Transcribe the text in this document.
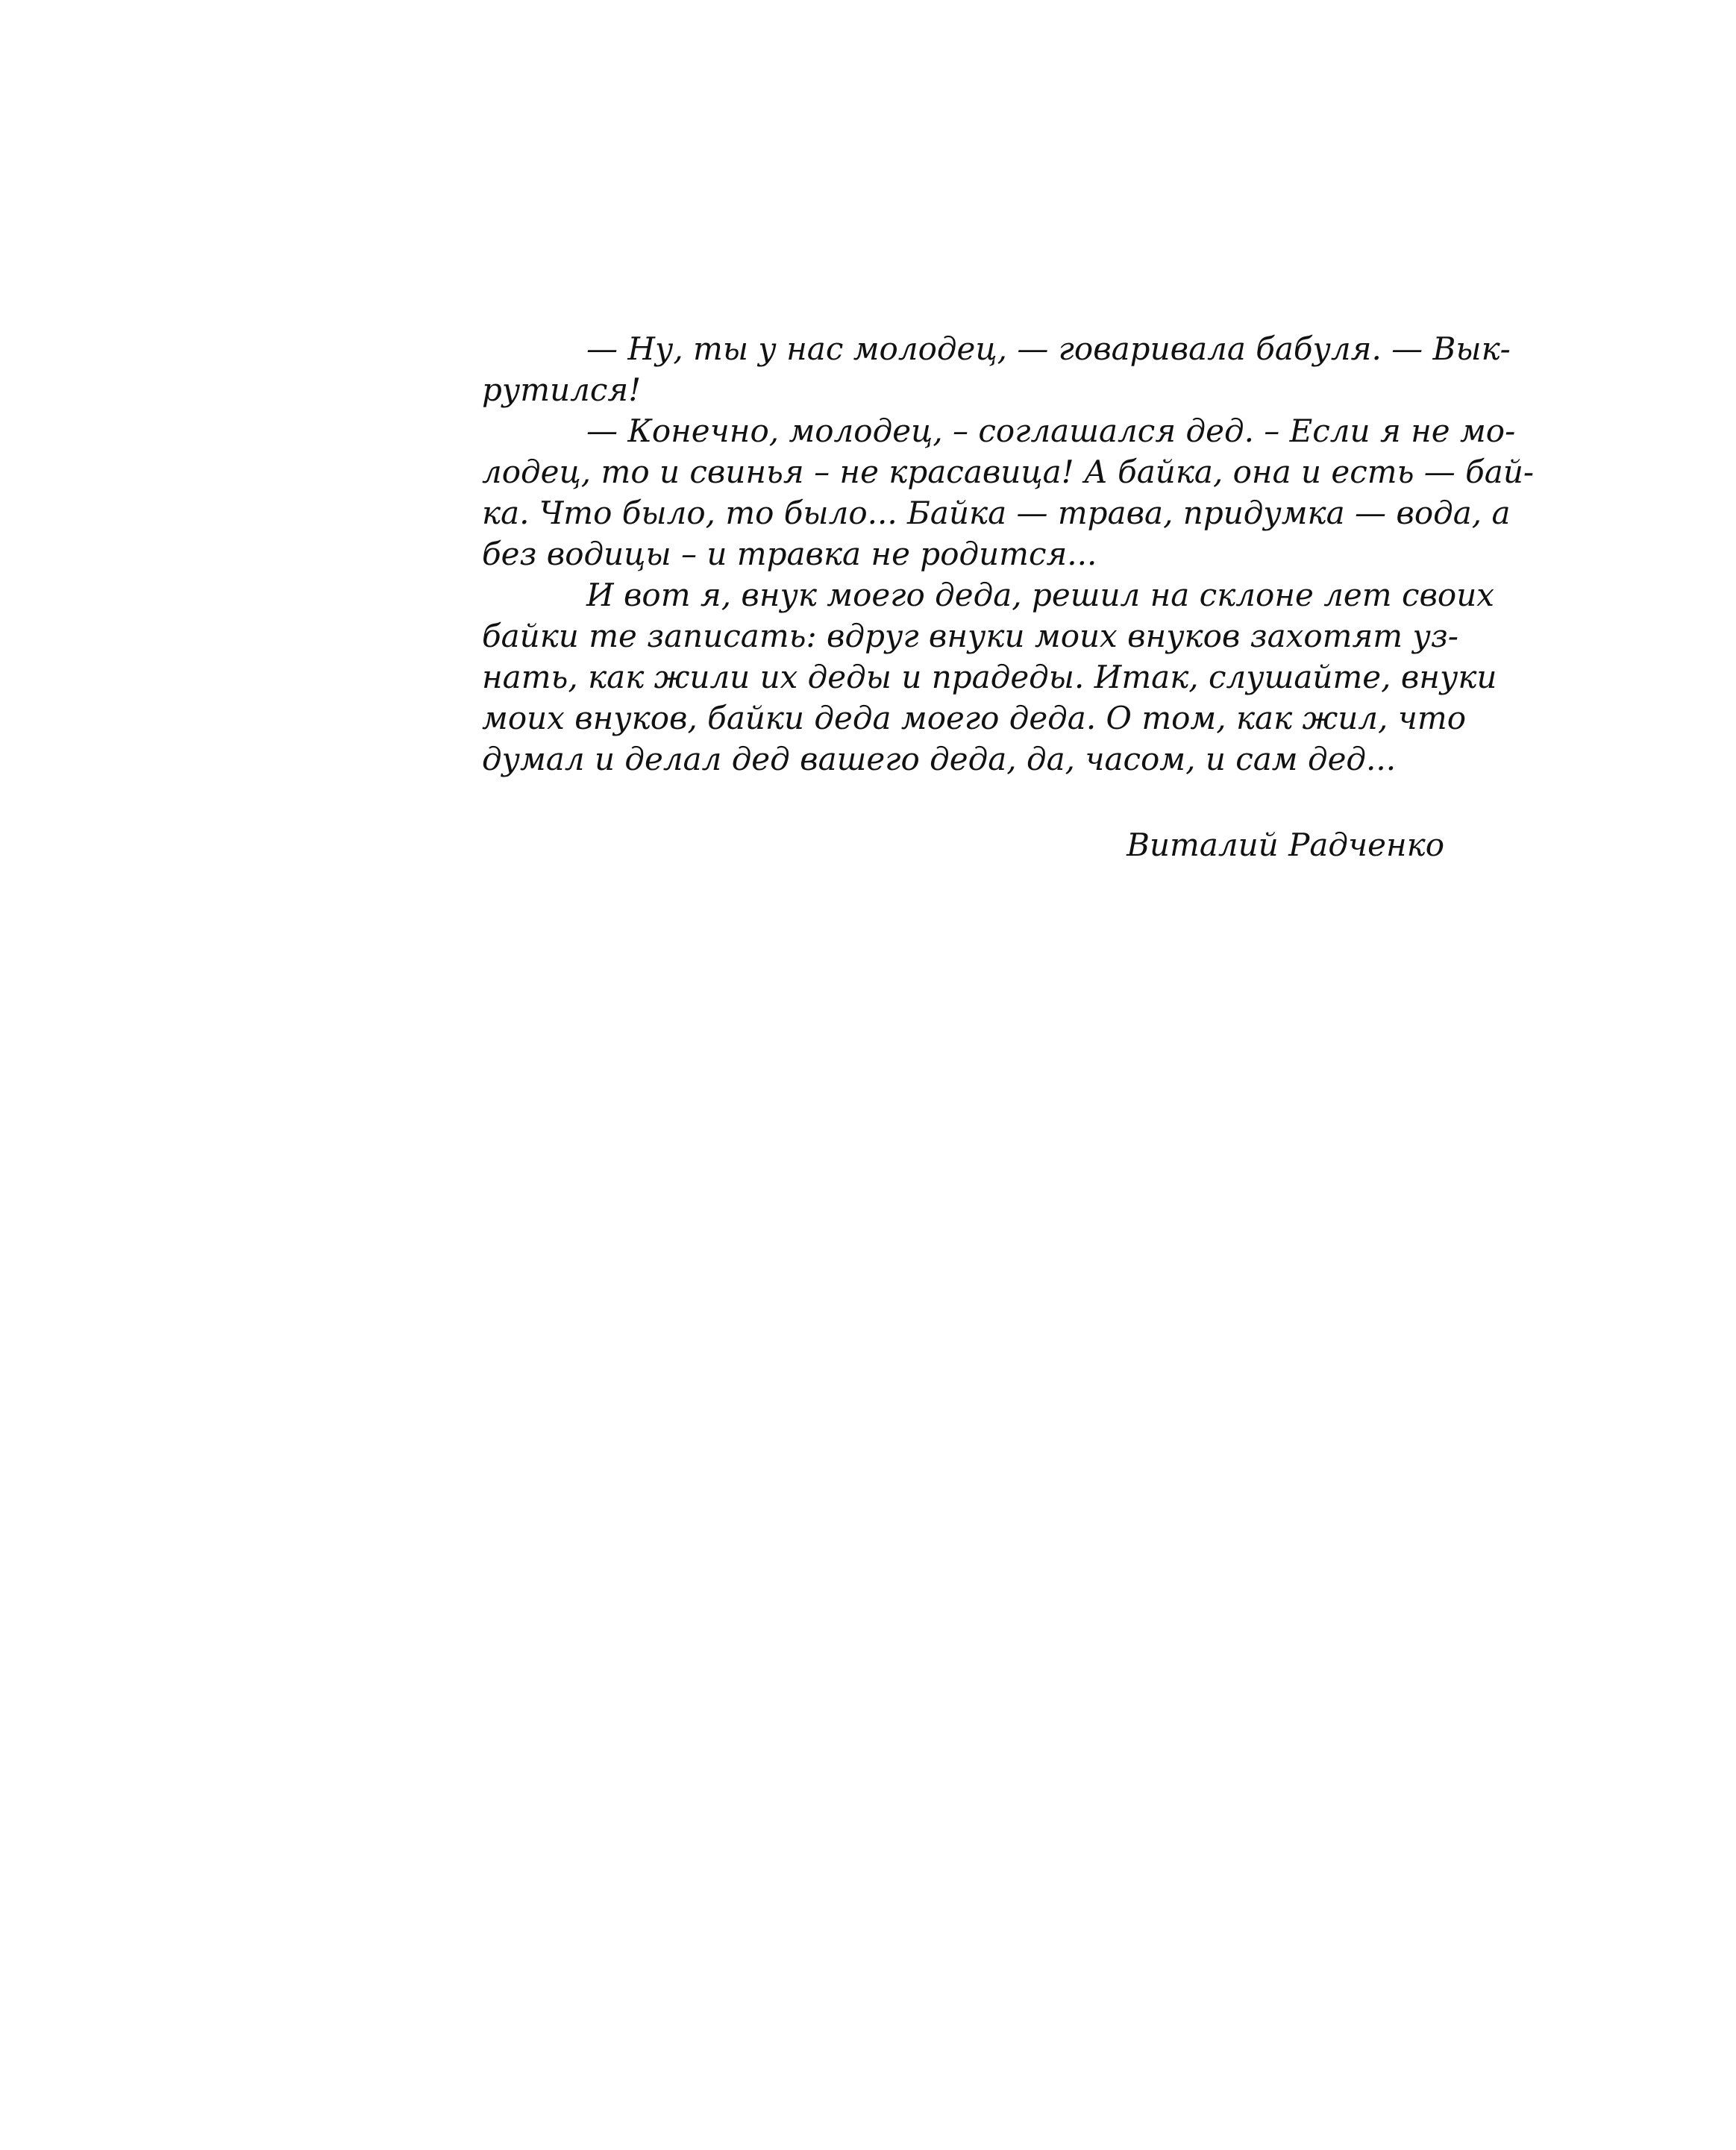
— Ну, ты у нас молодец, — говаривала бабуля. — Вык-
рутился!
— Конечно, молодец, – соглашался дед. – Если я не мо-
лодец, то и свинья – не красавица! А байка, она и есть — бай-
ка. Что было, то было... Байка — трава, придумка — вода, а
без водицы – и травка не родится...
И вот я, внук моего деда, решил на склоне лет своих
байки те записать: вдруг внуки моих внуков захотят уз-
нать, как жили их деды и прадеды. Итак, слушайте, внуки
моих внуков, байки деда моего деда. О том, как жил, что
думал и делал дед вашего деда, да, часом, и сам дед...
Виталий Радченко
